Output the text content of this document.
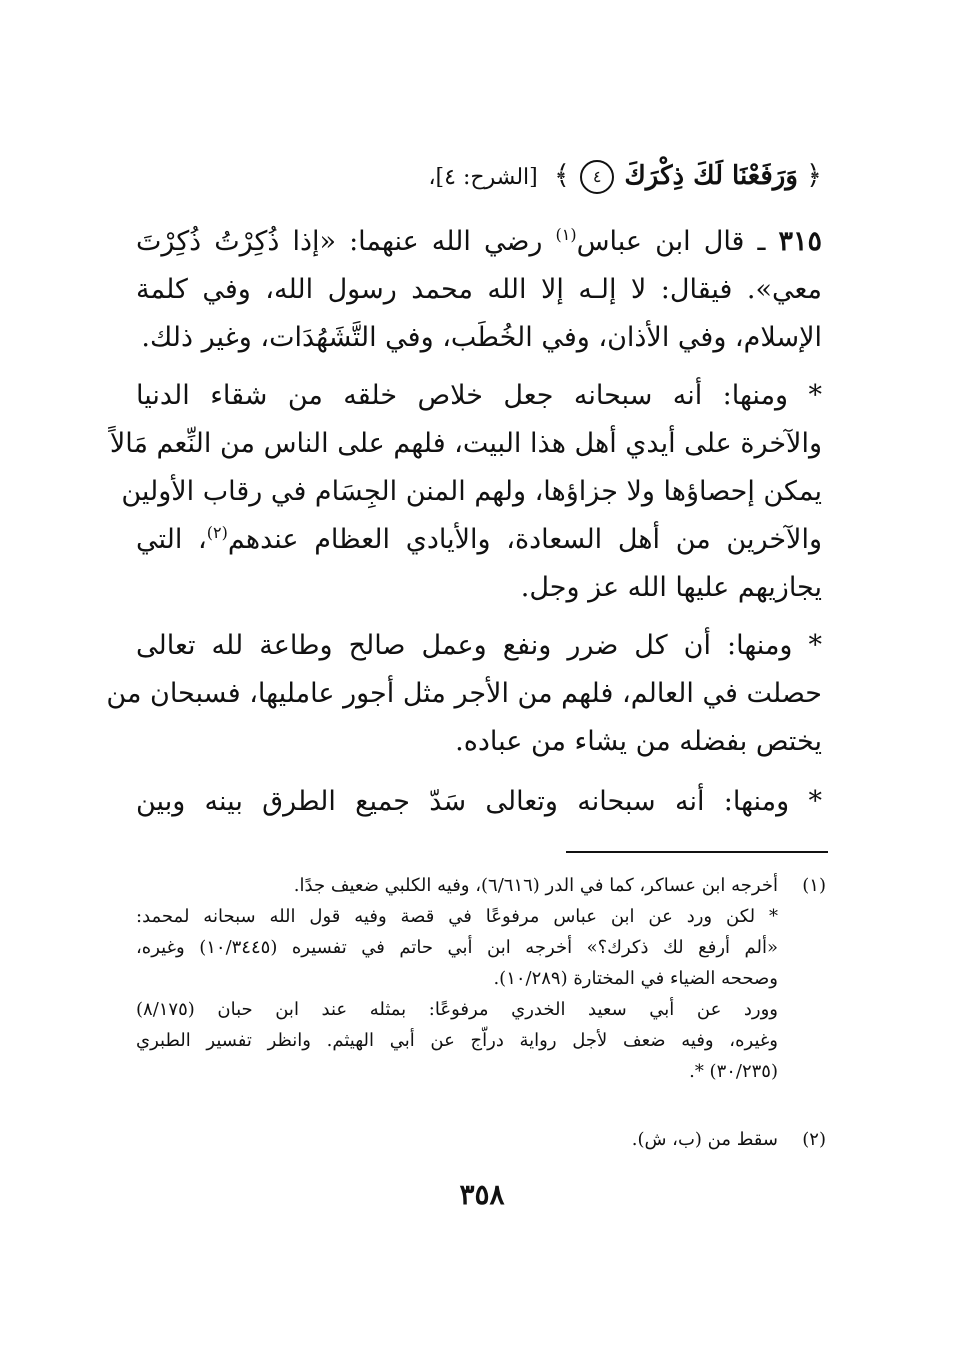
﴿ وَرَفَعْنَا لَكَ ذِكْرَكَ ٤ ﴾ [الشرح: ٤]،
٣١٥ ـ قال ابن عباس$^{(١)}$ رضي الله عنهما: «إذا ذُكِرْتُ ذُكِرْتَ
معي». فيقال: لا إلـه إلا الله محمد رسول الله، وفي كلمة
الإسلام، وفي الأذان، وفي الخُطَب، وفي التَّشَهُدَات، وغير ذلك.
* ومنها: أنه سبحانه جعل خلاص خلقه من شقاء الدنيا
والآخرة على أيدي أهل هذا البيت، فلهم على الناس من النِّعم مَالاً
يمكن إحصاؤها ولا جزاؤها، ولهم المنن الجِسَام في رقاب الأولين
والآخرين من أهل السعادة، والأيادي العظام عندهم$^{(٢)}$، التي
يجازيهم عليها الله عز وجل.
* ومنها: أن كل ضرر ونفع وعمل صالح وطاعة لله تعالى
حصلت في العالم، فلهم من الأجر مثل أجور عامليها، فسبحان من
يختص بفضله من يشاء من عباده.
* ومنها: أنه سبحانه وتعالى سَدّ جميع الطرق بينه وبين
(١)أخرجه ابن عساكر، كما في الدر (٦/٦١٦)، وفيه الكلبي ضعيف جدًا.
* لكن ورد عن ابن عباس مرفوعًا في قصة وفيه قول الله سبحانه لمحمد:
«ألم أرفع لك ذكرك؟» أخرجه ابن أبي حاتم في تفسيره (١٠/٣٤٤٥) وغيره،
وصححه الضياء في المختارة (١٠/٢٨٩).
وورد عن أبي سعيد الخدري مرفوعًا: بمثله عند ابن حبان (٨/١٧٥)
وغيره، وفيه ضعف لأجل رواية دراّج عن أبي الهيثم. وانظر تفسير الطبري
(٣٠/٢٣٥) *.
(٢)سقط من (ب، ش).
٣٥٨
